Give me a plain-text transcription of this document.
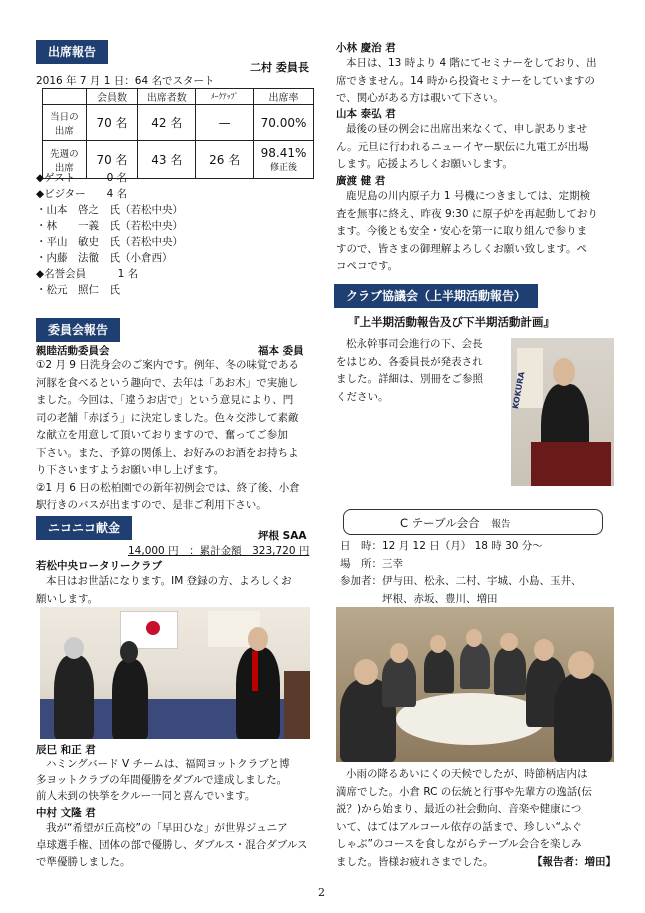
出席報告
二村 委員長
2016 年 7 月 1 日：64 名でスタート
	会員数	出席者数	ﾒｰｸｱｯﾌﾟ	出席率
当日の出席	70 名	42 名	—	70.00%
先週の出席	70 名	43 名	26 名	98.41%
修正後
◆ゲスト　　　0 名
◆ビジター　　4 名
・山本　啓之　氏（若松中央）
・林　　一義　氏（若松中央）
・平山　敏史　氏（若松中央）
・内藤　法徹　氏（小倉西）
◆名誉会員　　　1 名
・松元　照仁　氏
委員会報告
親睦活動委員会	福本 委員
①2 月 9 日洗身会のご案内です。例年、冬の味覚である
河豚を食べるという趣向で、去年は「あお木」で実施し
ました。今回は、「違うお店で」という意見により、門
司の老舗「赤ぼう」に決定しました。色々交渉して素敵
な献立を用意して頂いておりますので、奮ってご参加
下さい。また、予算の関係上、お好みのお酒をお持ちよ
り下さいますようお願い申し上げます。
②1 月 6 日の松柏園での新年初例会では、終了後、小倉
駅行きのバスが出ますので、是非ご利用下さい。
ニコニコ献金
坪根 SAA
14,000 円　：累計金額　323,720 円
若松中央ロータリークラブ
本日はお世話になります。IM 登録の方、よろしくお
願いします。
辰巳 和正 君
ハミングバード V チームは、福岡ヨットクラブと博
多ヨットクラブの年間優勝をダブルで達成しました。
前人未到の快挙をクルー一同と喜んでいます。
中村 文隆 君
我が“希望が丘高校”の「早田ひな」が世界ジュニア
卓球選手権、団体の部で優勝し、ダブルス・混合ダブルス
で準優勝しました。
小林 慶治 君
本日は、13 時より 4 階にてセミナーをしており、出
席できません。14 時から投資セミナーをしていますの
で、関心がある方は覗いて下さい。
山本 泰弘 君
最後の昼の例会に出席出来なくて、申し訳ありませ
ん。元旦に行われるニューイヤー駅伝に九電工が出場
します。応援よろしくお願いします。
廣渡 健 君
鹿児島の川内原子力 1 号機につきましては、定期検
査を無事に終え、昨夜 9:30 に原子炉を再起動しており
ます。今後とも安全・安心を第一に取り組んで参りま
すので、皆さまの御理解よろしくお願い致します。ペ
コペコです。
クラブ協議会（上半期活動報告）
『上半期活動報告及び下半期活動計画』
松永幹事司会進行の下、会長
をはじめ、各委員長が発表され
ました。詳細は、別冊をご参照
ください。	KOKURA
C テーブル会合 報告
日　時：12 月 12 日（月） 18 時 30 分～
場　所：三幸
参加者： 伊与田、松永、二村、宇城、小島、玉井、
坪根、赤坂、豊川、増田
小雨の降るあいにくの天候でしたが、時節柄店内は
満席でした。小倉 RC の伝統と行事や先輩方の逸話(伝
説？)から始まり、最近の社会動向、音楽や健康につ
いて、はてはアルコール依存の話まで、珍しい“ふぐ
しゃぶ”のコースを食しながらテーブル会合を楽しみ
ました。皆様お疲れさまでした。	【報告者：増田】
2
